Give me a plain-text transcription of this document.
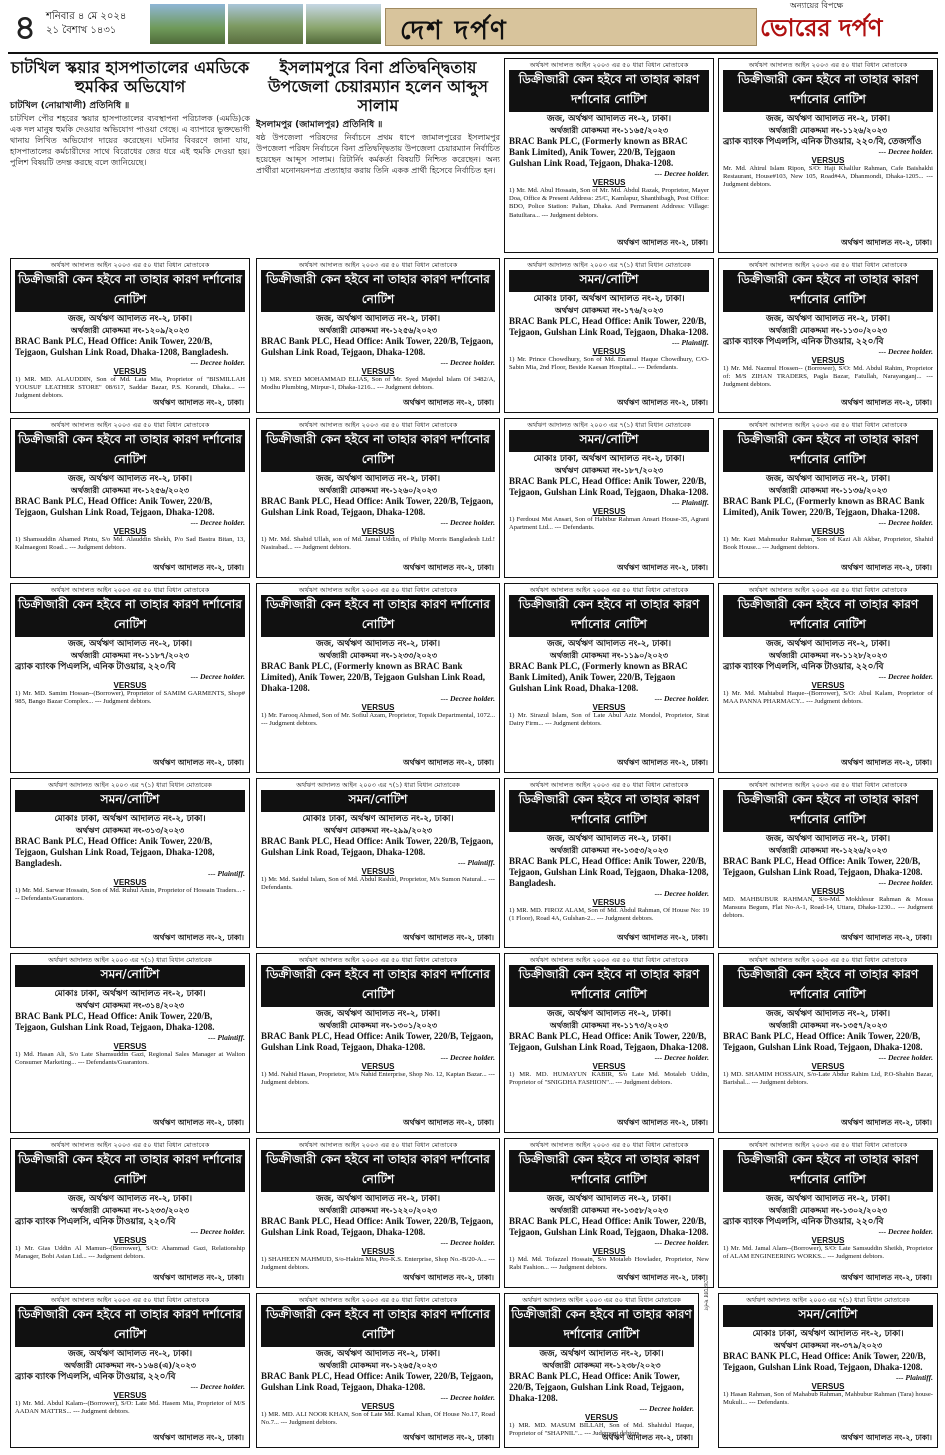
৪ শনিবার ৪ মে ২০২৪
২১ বৈশাখ ১৪৩১	দেশ দর্পণ
অন্যায়ের বিপক্ষে
ভোরের দর্পণ
চাটখিল স্কয়ার হাসপাতালের এমডিকে হুমকির অভিযোগ
চাটখিল (নোয়াখালী) প্রতিনিধি ॥
চাটখিল পৌর শহরের স্কয়ার হাসপাতালের ব্যবস্থাপনা পরিচালক (এমডি)কে এক দল মানুষ হুমকি দেওয়ার অভিযোগ পাওয়া গেছে। এ ব্যাপারে ভুক্তভোগী থানায় লিখিত অভিযোগ দায়ের করেছেন। ঘটনার বিবরণে জানা যায়, হাসপাতালের কর্মচারীদের সাথে বিরোধের জের ধরে এই হুমকি দেওয়া হয়। পুলিশ বিষয়টি তদন্ত করছে বলে জানিয়েছে।
ইসলামপুরে বিনা প্রতিদ্বন্দ্বিতায় উপজেলা চেয়ারম্যান হলেন আব্দুস সালাম
ইসলামপুর (জামালপুর) প্রতিনিধি ॥
ষষ্ঠ উপজেলা পরিষদের নির্বাচনে প্রথম ধাপে জামালপুরের ইসলামপুর উপজেলা পরিষদ নির্বাচনে বিনা প্রতিদ্বন্দ্বিতায় উপজেলা চেয়ারম্যান নির্বাচিত হয়েছেন আব্দুস সালাম। রিটার্নিং কর্মকর্তা বিষয়টি নিশ্চিত করেছেন। অন্য প্রার্থীরা মনোনয়নপত্র প্রত্যাহার করায় তিনি একক প্রার্থী হিসেবে নির্বাচিত হন।
অর্থঋণ আদালত আইন ২০০৩ এর ৫০ ধারা বিধান মোতাবেক
ডিক্রীজারী কেন হইবে না তাহার কারণ দর্শানোর নোটিশ
জজ, অর্থঋণ আদালত নং-২, ঢাকা।
অর্থজারী মোকদ্দমা নং-১১৬৫/২০২৩
BRAC Bank PLC, (Formerly known as BRAC Bank Limited), Anik Tower, 220/B, Tejgaon Gulshan Link Road, Tejgaon, Dhaka-1208.
--- Decree holder.
VERSUS
1) Mr. Md. Abul Hossain, Son of Mr. Md. Abdul Razak, Proprietor, Mayer Doa, Office & Present Address: 25/C, Kamlapur, Shanthibagh, Post Office: BDO, Police Station: Paltan, Dhaka. And Permanent Address: Village: Batuiltara... --- Judgment debtors.
অর্থঋণ আদালত নং-২, ঢাকা।
অর্থঋণ আদালত আইন ২০০৩ এর ৫০ ধারা বিধান মোতাবেক
ডিক্রীজারী কেন হইবে না তাহার কারণ দর্শানোর নোটিশ
জজ, অর্থঋণ আদালত নং-২, ঢাকা।
অর্থজারী মোকদ্দমা নং-১১২৬/২০২৩
ব্র্যাক ব্যাংক পিএলসি, এনিক টাওয়ার, ২২০/বি, তেজগাঁও
--- Decree holder.
VERSUS
Mr. Md. Ahirul Islam Ripon, S/O: Haji Khalilur Rahman, Cafe Baishakhi Restaurant, House#103, New 105, Road#4A, Dhanmondi, Dhaka-1205... --- Judgment debtors.
অর্থঋণ আদালত নং-২, ঢাকা।
অর্থঋণ আদালত আইন ২০০৩ এর ৫০ ধারা বিধান মোতাবেক
ডিক্রীজারী কেন হইবে না তাহার কারণ দর্শানোর নোটিশ
জজ, অর্থঋণ আদালত নং-২, ঢাকা।
অর্থজারী মোকদ্দমা নং-১২০৯/২০২৩
BRAC Bank PLC, Head Office: Anik Tower, 220/B, Tejgaon, Gulshan Link Road, Dhaka-1208, Bangladesh.
--- Decree holder.
VERSUS
1) MR. MD. ALAUDDIN, Son of Md. Lata Mia, Proprietor of "BISMILLAH YOUSUF LEATHER STORE" 08/617, Saddar Bazar, P.S. Korandi, Dhaka... --- Judgment debtors.
অর্থঋণ আদালত নং-২, ঢাকা।
অর্থঋণ আদালত আইন ২০০৩ এর ৫০ ধারা বিধান মোতাবেক
ডিক্রীজারী কেন হইবে না তাহার কারণ দর্শানোর নোটিশ
জজ, অর্থঋণ আদালত নং-২, ঢাকা।
অর্থজারী মোকদ্দমা নং-১২৫৬/২০২৩
BRAC Bank PLC, Head Office: Anik Tower, 220/B, Tejgaon, Gulshan Link Road, Tejgaon, Dhaka-1208.
--- Decree holder.
VERSUS
1) MR. SYED MOHAMMAD ELIAS, Son of Mr. Syed Majedul Islam Of 3482/A, Modhu Plumbing, Mirpur-1, Dhaka-1216... --- Judgment debtors.
অর্থঋণ আদালত নং-২, ঢাকা।
অর্থঋণ আদালত আইন ২০০৩ এর ৭(১) ধারা বিধান মোতাবেক
সমন/নোটিশ
মোকাঃ ঢাকা, অর্থঋণ আদালত নং-২, ঢাকা।
অর্থঋণ মোকদ্দমা নং-১৭৬/২০২৩
BRAC Bank PLC, Head Office: Anik Tower, 220/B, Tejgaon, Gulshan Link Road, Tejgaon, Dhaka-1208.
--- Plaintiff.
VERSUS
1) Mr. Prince Chowdhury, Son of Md. Enamul Haque Chowdhury, C/O- Sabin Mia, 2nd Floor, Beside Kaesan Hospital... --- Defendants.
অর্থঋণ আদালত নং-২, ঢাকা।
অর্থঋণ আদালত আইন ২০০৩ এর ৫০ ধারা বিধান মোতাবেক
ডিক্রীজারী কেন হইবে না তাহার কারণ দর্শানোর নোটিশ
জজ, অর্থঋণ আদালত নং-২, ঢাকা।
অর্থজারী মোকদ্দমা নং-১১৩০/২০২৩
ব্র্যাক ব্যাংক পিএলসি, এনিক টাওয়ার, ২২০/বি
--- Decree holder.
VERSUS
1) Mr. Md. Nazmul Hossen-- (Borrower), S/O: Md. Abdul Rahim, Proprietor of: M/S ZIHAN TRADERS, Pagla Bazar, Fatullah, Narayanganj... --- Judgment debtors.
অর্থঋণ আদালত নং-২, ঢাকা।
অর্থঋণ আদালত আইন ২০০৩ এর ৫০ ধারা বিধান মোতাবেক
ডিক্রীজারী কেন হইবে না তাহার কারণ দর্শানোর নোটিশ
জজ, অর্থঋণ আদালত নং-২, ঢাকা।
অর্থজারী মোকদ্দমা নং-১২৫৬/২০২৩
BRAC Bank PLC, Head Office: Anik Tower, 220/B, Tejgaon, Gulshan Link Road, Tejgaon, Dhaka-1208.
--- Decree holder.
VERSUS
1) Shamsuddin Ahamed Pintu, S/o Md. Alauddin Shekh, P/o Sad Bastra Bitan, 13, Kalmaegoni Road... --- Judgment debtors.
অর্থঋণ আদালত নং-২, ঢাকা।
অর্থঋণ আদালত আইন ২০০৩ এর ৫০ ধারা বিধান মোতাবেক
ডিক্রীজারী কেন হইবে না তাহার কারণ দর্শানোর নোটিশ
জজ, অর্থঋণ আদালত নং-২, ঢাকা।
অর্থজারী মোকদ্দমা নং-১২৬০/২০২৩
BRAC Bank PLC, Head Office: Anik Tower, 220/B, Tejgaon, Gulshan Link Road, Tejgaon, Dhaka-1208.
--- Decree holder.
VERSUS
1) Mr. Md. Shahid Ullah, son of Md. Jamal Uddin, of Philip Morris Bangladesh Ltd.! Nasirabad... --- Judgment debtors.
অর্থঋণ আদালত নং-২, ঢাকা।
অর্থঋণ আদালত আইন ২০০৩ এর ৭(১) ধারা বিধান মোতাবেক
সমন/নোটিশ
মোকাঃ ঢাকা, অর্থঋণ আদালত নং-২, ঢাকা।
অর্থঋণ মোকদ্দমা নং-১৮৭/২০২৩
BRAC Bank PLC, Head Office: Anik Tower, 220/B, Tejgaon, Gulshan Link Road, Tejgaon, Dhaka-1208.
--- Plaintiff.
VERSUS
1) Ferdousi Mst Ansari, Son of Habibur Rahman Ansari House-35, Agrani Apartment Ltd... --- Defendants.
অর্থঋণ আদালত নং-২, ঢাকা।
অর্থঋণ আদালত আইন ২০০৩ এর ৫০ ধারা বিধান মোতাবেক
ডিক্রীজারী কেন হইবে না তাহার কারণ দর্শানোর নোটিশ
জজ, অর্থঋণ আদালত নং-২, ঢাকা।
অর্থজারী মোকদ্দমা নং-১১৩৬/২০২৩
BRAC Bank PLC, (Formerly known as BRAC Bank Limited), Anik Tower, 220/B, Tejgaon, Dhaka-1208.
--- Decree holder.
VERSUS
1) Mr. Kazi Mahmudur Rahman, Son of Kazi Ali Akbar, Proprietor, Shahid Book House... --- Judgment debtors.
অর্থঋণ আদালত নং-২, ঢাকা।
অর্থঋণ আদালত আইন ২০০৩ এর ৫০ ধারা বিধান মোতাবেক
ডিক্রীজারী কেন হইবে না তাহার কারণ দর্শানোর নোটিশ
জজ, অর্থঋণ আদালত নং-২, ঢাকা।
অর্থজারী মোকদ্দমা নং-১১৮৭/২০২৩
ব্র্যাক ব্যাংক পিএলসি, এনিক টাওয়ার, ২২০/বি
--- Decree holder.
VERSUS
1) Mr. MD. Samim Hossan--(Borrower), Proprietor of SAMIM GARMENTS, Shop# 985, Bango Bazar Complex... --- Judgment debtors.
অর্থঋণ আদালত নং-২, ঢাকা।
অর্থঋণ আদালত আইন ২০০৩ এর ৫০ ধারা বিধান মোতাবেক
ডিক্রীজারী কেন হইবে না তাহার কারণ দর্শানোর নোটিশ
জজ, অর্থঋণ আদালত নং-২, ঢাকা।
অর্থজারী মোকদ্দমা নং-১২৩৩/২০২৩
BRAC Bank PLC, (Formerly known as BRAC Bank Limited), Anik Tower, 220/B, Tejgaon Gulshan Link Road, Dhaka-1208.
--- Decree holder.
VERSUS
1) Mr. Farooq Ahmed, Son of Mr. Sofiul Azam, Proprietor, Topsik Departmental, 1072... --- Judgment debtors.
অর্থঋণ আদালত নং-২, ঢাকা।
অর্থঋণ আদালত আইন ২০০৩ এর ৫০ ধারা বিধান মোতাবেক
ডিক্রীজারী কেন হইবে না তাহার কারণ দর্শানোর নোটিশ
জজ, অর্থঋণ আদালত নং-২, ঢাকা।
অর্থজারী মোকদ্দমা নং-১১৯০/২০২৩
BRAC Bank PLC, (Formerly known as BRAC Bank Limited), Anik Tower, 220/B, Tejgaon Gulshan Link Road, Dhaka-1208.
--- Decree holder.
VERSUS
1) Mr. Sirazul Islam, Son of Late Abul Aziz Mondol, Proprietor, Sirat Dairy Firm... --- Judgment debtors.
অর্থঋণ আদালত নং-২, ঢাকা।
অর্থঋণ আদালত আইন ২০০৩ এর ৫০ ধারা বিধান মোতাবেক
ডিক্রীজারী কেন হইবে না তাহার কারণ দর্শানোর নোটিশ
জজ, অর্থঋণ আদালত নং-২, ঢাকা।
অর্থজারী মোকদ্দমা নং-১১২৮/২০২৩
ব্র্যাক ব্যাংক পিএলসি, এনিক টাওয়ার, ২২০/বি
--- Decree holder.
VERSUS
1) Mr. Md. Mahtabul Haque--(Borrower), S/O: Abul Kalam, Proprietor of MAA PANNA PHARMACY... --- Judgment debtors.
অর্থঋণ আদালত নং-২, ঢাকা।
অর্থঋণ আদালত আইন ২০০৩ এর ৭(১) ধারা বিধান মোতাবেক
সমন/নোটিশ
মোকাঃ ঢাকা, অর্থঋণ আদালত নং-২, ঢাকা।
অর্থঋণ মোকদ্দমা নং-৩১৩/২০২৩
BRAC Bank PLC, Head Office: Anik Tower, 220/B, Tejgaon, Gulshan Link Road, Tejgaon, Dhaka-1208, Bangladesh.
--- Plaintiff.
VERSUS
1) Mr. Md. Sarwar Hossain, Son of Md. Ruhul Amin, Proprietor of Hossain Traders... --- Defendants/Guarantors.
অর্থঋণ আদালত নং-২, ঢাকা।
অর্থঋণ আদালত আইন ২০০৩ এর ৭(১) ধারা বিধান মোতাবেক
সমন/নোটিশ
মোকাঃ ঢাকা, অর্থঋণ আদালত নং-২, ঢাকা।
অর্থঋণ মোকদ্দমা নং-২৯৯/২০২৩
BRAC Bank PLC, Head Office: Anik Tower, 220/B, Tejgaon, Gulshan Link Road, Tejgaon, Dhaka-1208.
--- Plaintiff.
VERSUS
1) Mr. Md. Saidul Islam, Son of Md. Abdul Rashid, Proprietor, M/s Sumon Natural... --- Defendants.
অর্থঋণ আদালত নং-২, ঢাকা।
অর্থঋণ আদালত আইন ২০০৩ এর ৫০ ধারা বিধান মোতাবেক
ডিক্রীজারী কেন হইবে না তাহার কারণ দর্শানোর নোটিশ
জজ, অর্থঋণ আদালত নং-২, ঢাকা।
অর্থজারী মোকদ্দমা নং-১৩৫৩/২০২৩
BRAC Bank PLC, Head Office: Anik Tower, 220/B, Tejgaon, Gulshan Link Road, Tejgaon, Dhaka-1208, Bangladesh.
--- Decree holder.
VERSUS
1) MR. MD. FIROZ ALAM, Son of Md. Abdul Rahman, Of House No: 19 (1 Floor), Road 4A, Gulshan-2... --- Judgment debtors.
অর্থঋণ আদালত নং-২, ঢাকা।
অর্থঋণ আদালত আইন ২০০৩ এর ৫০ ধারা বিধান মোতাবেক
ডিক্রীজারী কেন হইবে না তাহার কারণ দর্শানোর নোটিশ
জজ, অর্থঋণ আদালত নং-২, ঢাকা।
অর্থজারী মোকদ্দমা নং-১২২৬/২০২৩
BRAC Bank PLC, Head Office: Anik Tower, 220/B, Tejgaon, Gulshan Link Road, Tejgaon, Dhaka-1208.
--- Decree holder.
VERSUS
MD. MAHBUBUR RAHMAN, S/o-Md. Mokhlesur Rahman & Mossa Mansura Begum, Flat No-A-1, Road-14, Uttara, Dhaka-1230... --- Judgment debtors.
অর্থঋণ আদালত নং-২, ঢাকা।
অর্থঋণ আদালত আইন ২০০৩ এর ৭(১) ধারা বিধান মোতাবেক
সমন/নোটিশ
মোকাঃ ঢাকা, অর্থঋণ আদালত নং-২, ঢাকা।
অর্থঋণ মোকদ্দমা নং-৩১৪/২০২৩
BRAC Bank PLC, Head Office: Anik Tower, 220/B, Tejgaon, Gulshan Link Road, Tejgaon, Dhaka-1208.
--- Plaintiff.
VERSUS
1) Md. Hasan Ali, S/o Late Shamsuddin Gazi, Regional Sales Manager at Walton Consumer Marketing... --- Defendants/Guarantors.
অর্থঋণ আদালত নং-২, ঢাকা।
অর্থঋণ আদালত আইন ২০০৩ এর ৫০ ধারা বিধান মোতাবেক
ডিক্রীজারী কেন হইবে না তাহার কারণ দর্শানোর নোটিশ
জজ, অর্থঋণ আদালত নং-২, ঢাকা।
অর্থজারী মোকদ্দমা নং-১৩০১/২০২৩
BRAC Bank PLC, Head Office: Anik Tower, 220/B, Tejgaon, Gulshan Link Road, Tejgaon, Dhaka-1208.
--- Decree holder.
VERSUS
1) Md. Nahid Hasan, Proprietor, M/s Nahid Enterprise, Shop No. 12, Kaptan Bazar... --- Judgment debtors.
অর্থঋণ আদালত নং-২, ঢাকা।
অর্থঋণ আদালত আইন ২০০৩ এর ৫০ ধারা বিধান মোতাবেক
ডিক্রীজারী কেন হইবে না তাহার কারণ দর্শানোর নোটিশ
জজ, অর্থঋণ আদালত নং-২, ঢাকা।
অর্থজারী মোকদ্দমা নং-১১৭৩/২০২৩
BRAC Bank PLC, Head Office: Anik Tower, 220/B, Tejgaon, Gulshan Link Road, Tejgaon, Dhaka-1208.
--- Decree holder.
VERSUS
1) MR. MD. HUMAYUN KABIR, S/o Late Md. Motaleb Uddin, Proprietor of "SNIGDHA FASHION"... --- Judgment debtors.
অর্থঋণ আদালত নং-২, ঢাকা।
অর্থঋণ আদালত আইন ২০০৩ এর ৫০ ধারা বিধান মোতাবেক
ডিক্রীজারী কেন হইবে না তাহার কারণ দর্শানোর নোটিশ
জজ, অর্থঋণ আদালত নং-২, ঢাকা।
অর্থজারী মোকদ্দমা নং-১৩৫৭/২০২৩
BRAC Bank PLC, Head Office: Anik Tower, 220/B, Tejgaon, Gulshan Link Road, Tejgaon, Dhaka-1208.
--- Decree holder.
VERSUS
1) MD. SHAMIM HOSSAIN, S/o-Late Abdur Rahim Ltd, P.O-Shahin Bazar, Barishal... --- Judgment debtors.
অর্থঋণ আদালত নং-২, ঢাকা।
অর্থঋণ আদালত আইন ২০০৩ এর ৫০ ধারা বিধান মোতাবেক
ডিক্রীজারী কেন হইবে না তাহার কারণ দর্শানোর নোটিশ
জজ, অর্থঋণ আদালত নং-২, ঢাকা।
অর্থজারী মোকদ্দমা নং-১২৩৩/২০২৩
ব্র্যাক ব্যাংক পিএলসি, এনিক টাওয়ার, ২২০/বি
--- Decree holder.
VERSUS
1) Mr. Gias Uddin Al Mamun--(Borrower), S/O: Ahammad Gazi, Relationship Manager, Bobi Asian Ltd... --- Judgment debtors.
অর্থঋণ আদালত নং-২, ঢাকা।
অর্থঋণ আদালত আইন ২০০৩ এর ৫০ ধারা বিধান মোতাবেক
ডিক্রীজারী কেন হইবে না তাহার কারণ দর্শানোর নোটিশ
জজ, অর্থঋণ আদালত নং-২, ঢাকা।
অর্থজারী মোকদ্দমা নং-১২২০/২০২৩
BRAC Bank PLC, Head Office: Anik Tower, 220/B, Tejgaon, Gulshan Link Road, Tejgaon, Dhaka-1208.
--- Decree holder.
VERSUS
1) SHAHEEN MAHMUD, S/o-Hakim Mia, Pro-K.S. Enterprise, Shop No.-B/20-A... --- Judgment debtors.
অর্থঋণ আদালত নং-২, ঢাকা।
অর্থঋণ আদালত আইন ২০০৩ এর ৫০ ধারা বিধান মোতাবেক
ডিক্রীজারী কেন হইবে না তাহার কারণ দর্শানোর নোটিশ
জজ, অর্থঋণ আদালত নং-২, ঢাকা।
অর্থজারী মোকদ্দমা নং-১৩৫৮/২০২৩
BRAC Bank PLC, Head Office: Anik Tower, 220/B, Tejgaon, Gulshan Link Road, Tejgaon, Dhaka-1208.
--- Decree holder.
VERSUS
1) Md. Md. Tofazzel Hossain, S/o Motaleb Howlader, Proprietor, New Rabi Fashion... --- Judgment debtors.
অর্থঋণ আদালত নং-২, ঢাকা।
অর্থঋণ আদালত আইন ২০০৩ এর ৫০ ধারা বিধান মোতাবেক
ডিক্রীজারী কেন হইবে না তাহার কারণ দর্শানোর নোটিশ
জজ, অর্থঋণ আদালত নং-২, ঢাকা।
অর্থজারী মোকদ্দমা নং-১৩০২/২০২৩
ব্র্যাক ব্যাংক পিএলসি, এনিক টাওয়ার, ২২০/বি
--- Decree holder.
VERSUS
1) Mr. Md. Jamal Alam--(Borrower), S/O: Late Samsuddin Sheikh, Proprietor of ALAM ENGINEERING WORKS... --- Judgment debtors.
অর্থঋণ আদালত নং-২, ঢাকা।
অর্থঋণ আদালত আইন ২০০৩ এর ৫০ ধারা বিধান মোতাবেক
ডিক্রীজারী কেন হইবে না তাহার কারণ দর্শানোর নোটিশ
জজ, অর্থঋণ আদালত নং-২, ঢাকা।
অর্থজারী মোকদ্দমা নং-১১৬৪(এ)/২০২৩
ব্র্যাক ব্যাংক পিএলসি, এনিক টাওয়ার, ২২০/বি
--- Decree holder.
VERSUS
1) Mr. Md. Abdul Kalam--(Borrower), S/O: Late Md. Hasem Mia, Proprietor of M/S AADAN MATTRS... --- Judgment debtors.
অর্থঋণ আদালত নং-২, ঢাকা।
অর্থঋণ আদালত আইন ২০০৩ এর ৫০ ধারা বিধান মোতাবেক
ডিক্রীজারী কেন হইবে না তাহার কারণ দর্শানোর নোটিশ
জজ, অর্থঋণ আদালত নং-২, ঢাকা।
অর্থজারী মোকদ্দমা নং-১২৬৫/২০২৩
BRAC Bank PLC, Head Office: Anik Tower, 220/B, Tejgaon, Gulshan Link Road, Tejgaon, Dhaka-1208.
--- Decree holder.
VERSUS
1) MR. MD. ALI NOOR KHAN, Son of Late Md. Kamal Khan, Of House No.17, Road No.7... --- Judgment debtors.
অর্থঋণ আদালত নং-২, ঢাকা।
অর্থঋণ আদালত আইন ২০০৩ এর ৫০ ধারা বিধান মোতাবেক
ডিক্রীজারী কেন হইবে না তাহার কারণ দর্শানোর নোটিশ
জজ, অর্থঋণ আদালত নং-২, ঢাকা।
অর্থজারী মোকদ্দমা নং-১২৩৮/২০২৩
BRAC Bank PLC, Head Office: Anik Tower, 220/B, Tejgaon, Gulshan Link Road, Tejgaon, Dhaka-1208.
--- Decree holder.
VERSUS
1) MR. MD. MASUM BILLAH, Son of Md. Shahidul Haque, Proprietor of "SHAPNIL"... --- Judgment debtors.
অর্থঋণ আদালত নং-২, ঢাকা।
অর্থঋণ আদালত আইন ২০০৩ এর ৭(১) ধারা বিধান মোতাবেক
সমন/নোটিশ
মোকাঃ ঢাকা, অর্থঋণ আদালত নং-২, ঢাকা।
অর্থঋণ মোকদ্দমা নং-৩৭৯/২০২৩
BRAC BANK PLC, Head Office: Anik Tower, 220/B, Tejgaon, Gulshan Link Road, Tejgaon, Dhaka-1208.
--- Plaintiff.
VERSUS
1) Hasan Rahman, Son of Mahabub Rahman, Mahbubur Rahman (Tara) house-Mukuli... --- Defendants.
অর্থঋণ আদালত নং-২, ঢাকা।
ভোরের দর্পণ
